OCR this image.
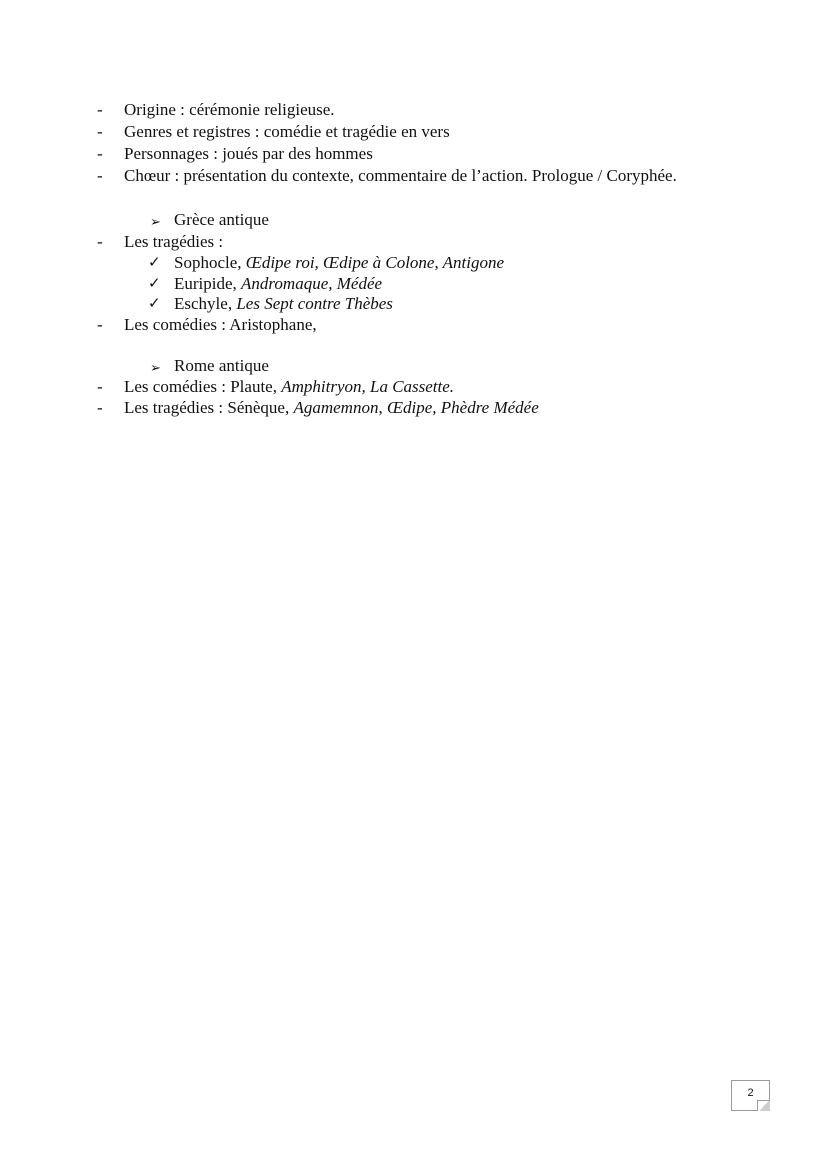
- Origine : cérémonie religieuse.
- Genres et registres : comédie et tragédie en vers
- Personnages : joués par des hommes
- Chœur : présentation du contexte, commentaire de l’action. Prologue / Coryphée.
➢ Grèce antique
- Les tragédies :
✓ Sophocle, Œdipe roi, Œdipe à Colone, Antigone
✓ Euripide, Andromaque, Médée
✓ Eschyle, Les Sept contre Thèbes
- Les comédies : Aristophane,
➢ Rome antique
- Les comédies : Plaute, Amphitryon, La Cassette.
- Les tragédies : Sénèque, Agamemnon, Œdipe, Phèdre Médée
2
